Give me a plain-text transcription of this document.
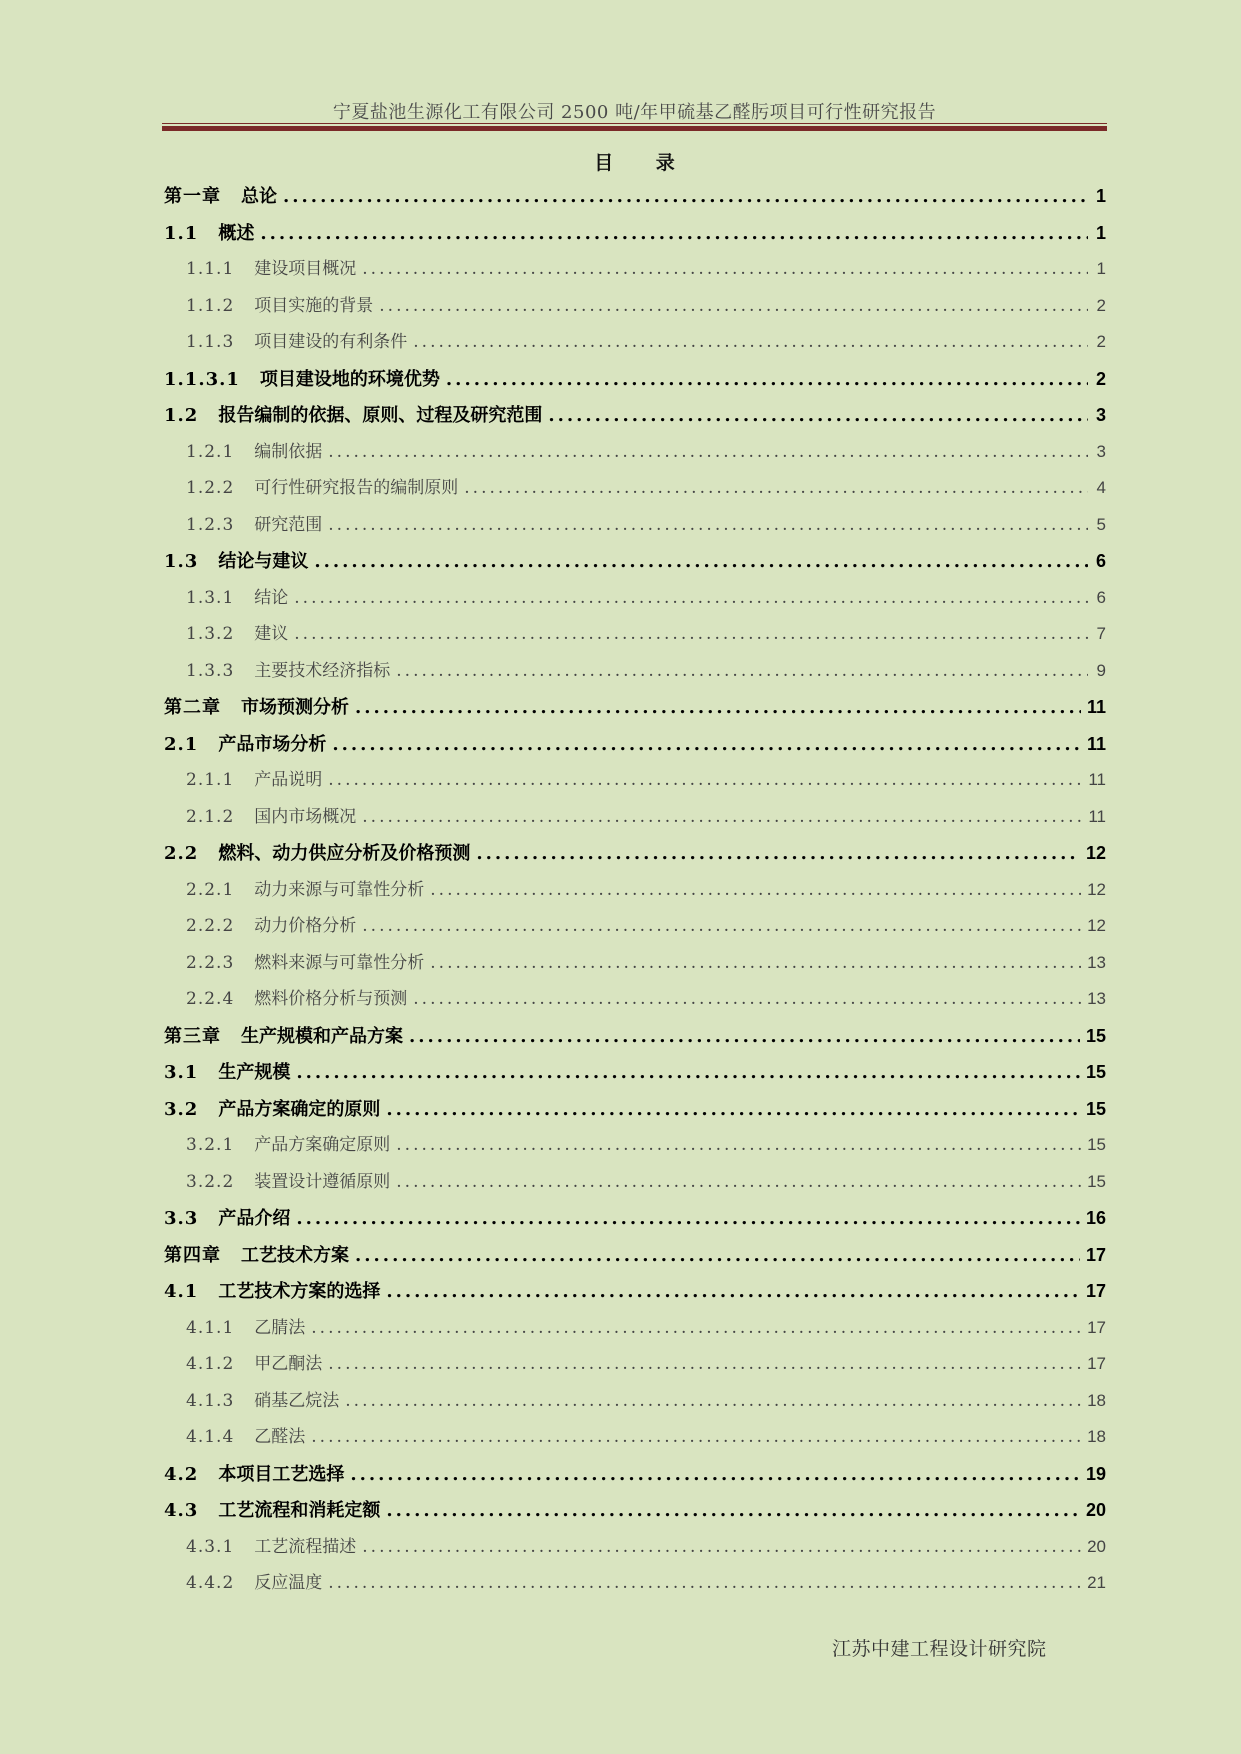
宁夏盐池生源化工有限公司 2500 吨/年甲硫基乙醛肟项目可行性研究报告
目 录
第一章 总论 .....	1
1.1 概述 .....	1
1.1.1 建设项目概况 .....	1
1.1.2 项目实施的背景 .....	2
1.1.3 项目建设的有利条件 .....	2
1.1.3.1 项目建设地的环境优势 .....	2
1.2 报告编制的依据、原则、过程及研究范围 .....	3
1.2.1 编制依据 .....	3
1.2.2 可行性研究报告的编制原则 .....	4
1.2.3 研究范围 .....	5
1.3 结论与建议 .....	6
1.3.1 结论 .....	6
1.3.2 建议 .....	7
1.3.3 主要技术经济指标 .....	9
第二章 市场预测分析 .....	11
2.1 产品市场分析 .....	11
2.1.1 产品说明 .....	11
2.1.2 国内市场概况 .....	11
2.2 燃料、动力供应分析及价格预测 .....	12
2.2.1 动力来源与可靠性分析 .....	12
2.2.2 动力价格分析 .....	12
2.2.3 燃料来源与可靠性分析 .....	13
2.2.4 燃料价格分析与预测 .....	13
第三章 生产规模和产品方案 .....	15
3.1 生产规模 .....	15
3.2 产品方案确定的原则 .....	15
3.2.1 产品方案确定原则 .....	15
3.2.2 装置设计遵循原则 .....	15
3.3 产品介绍 .....	16
第四章 工艺技术方案 .....	17
4.1 工艺技术方案的选择 .....	17
4.1.1 乙腈法 .....	17
4.1.2 甲乙酮法 .....	17
4.1.3 硝基乙烷法 .....	18
4.1.4 乙醛法 .....	18
4.2 本项目工艺选择 .....	19
4.3 工艺流程和消耗定额 .....	20
4.3.1 工艺流程描述 .....	20
4.4.2 反应温度 .....	21
江苏中建工程设计研究院
